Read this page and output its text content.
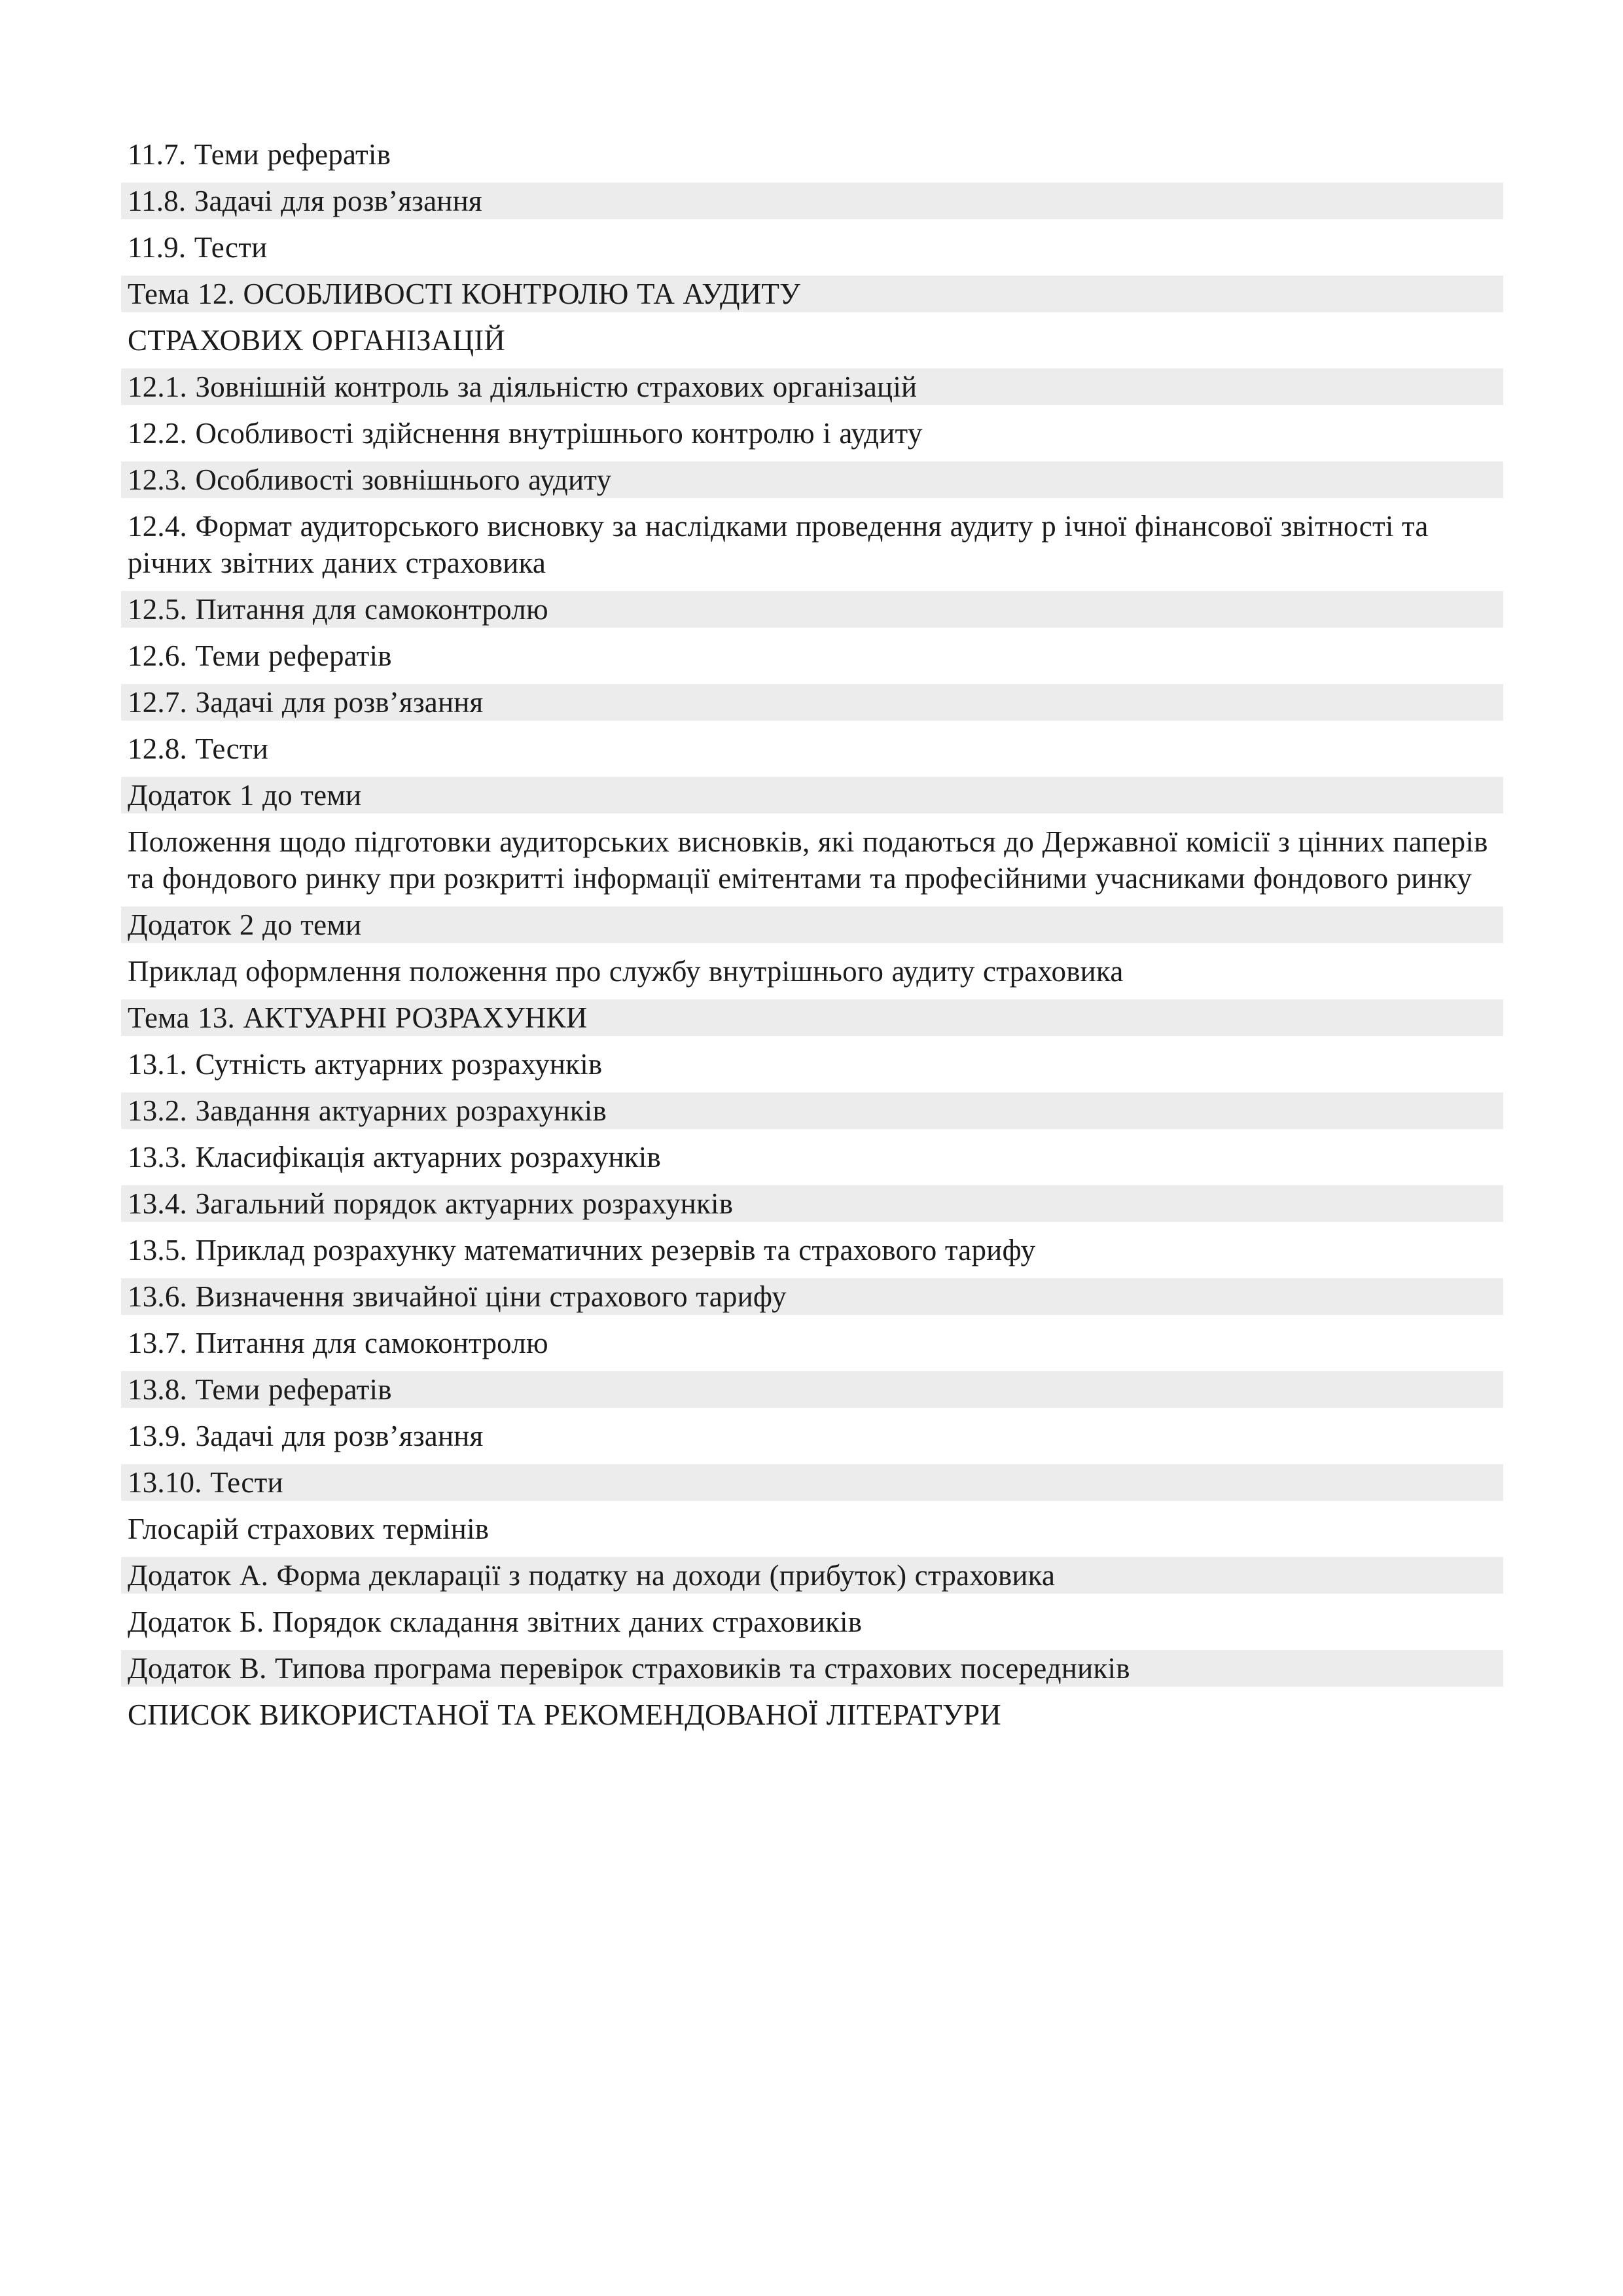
11.7. Теми рефератів

11.8. Задачі для розв’язання

11.9. Тести

Тема 12. ОСОБЛИВОСТІ КОНТРОЛЮ ТА АУДИТУ

СТРАХОВИХ ОРГАНІЗАЦІЙ

12.1. Зовнішній контроль за діяльністю страхових організацій

12.2. Особливості здійснення внутрішнього контролю і аудиту

12.3. Особливості зовнішнього аудиту

12.4. Формат аудиторського висновку за наслідками проведення аудиту р ічної фінансової звітності та річних звітних даних страховика

12.5. Питання для самоконтролю

12.6. Теми рефератів

12.7. Задачі для розв’язання

12.8. Тести

Додаток 1 до теми

Положення щодо підготовки аудиторських висновків, які подаються до Державної комісії з цінних паперів та фондового ринку при розкритті інформації емітентами та професійними учасниками фондового ринку

Додаток 2 до теми

Приклад оформлення положення про службу внутрішнього аудиту страховика

Тема 13. АКТУАРНІ РОЗРАХУНКИ

13.1. Сутність актуарних розрахунків

13.2. Завдання актуарних розрахунків

13.3. Класифікація актуарних розрахунків

13.4. Загальний порядок актуарних розрахунків

13.5. Приклад розрахунку математичних резервів та страхового тарифу

13.6. Визначення звичайної ціни страхового тарифу

13.7. Питання для самоконтролю

13.8. Теми рефератів

13.9. Задачі для розв’язання

13.10. Тести

Глосарій страхових термінів

Додаток А. Форма декларації з податку на доходи (прибуток) страховика

Додаток Б. Порядок складання звітних даних страховиків

Додаток В. Типова програма перевірок страховиків та страхових посередників

СПИСОК ВИКОРИСТАНОЇ ТА РЕКОМЕНДОВАНОЇ ЛІТЕРАТУРИ
